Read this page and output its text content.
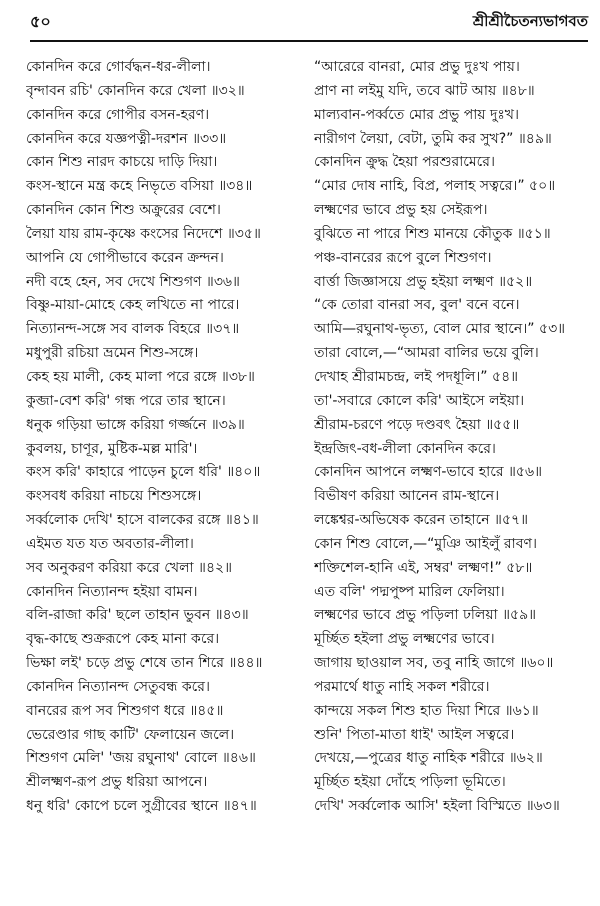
৫০	শ্রীশ্রীচৈতন্যভাগবত
কোনদিন করে গোর্বদ্ধন-ধর-লীলা।
বৃন্দাবন রচি' কোনদিন করে খেলা ॥৩২॥
কোনদিন করে গোপীর বসন-হরণ।
কোনদিন করে যজ্ঞপত্নী-দরশন ॥৩৩॥
কোন শিশু নারদ কাচয়ে দাড়ি দিয়া।
কংস-স্থানে মন্ত্র কহে নিভৃতে বসিয়া ॥৩৪॥
কোনদিন কোন শিশু অক্রুরের বেশে।
লৈয়া যায় রাম-কৃষ্ণে কংসের নিদেশে ॥৩৫॥
আপনি যে গোপীভাবে করেন ক্রন্দন।
নদী বহে হেন, সব দেখে শিশুগণ ॥৩৬॥
বিষ্ণু-মায়া-মোহে কেহ লখিতে না পারে।
নিত্যানন্দ-সঙ্গে সব বালক বিহরে ॥৩৭॥
মধুপুরী রচিয়া ভ্রমেন শিশু-সঙ্গে।
কেহ হয় মালী, কেহ মালা পরে রঙ্গে ॥৩৮॥
কুব্জা-বেশ করি' গন্ধ পরে তার স্থানে।
ধনুক গড়িয়া ভাঙ্গে করিয়া গর্জ্জনে ॥৩৯॥
কুবলয়, চাণূর, মুষ্টিক-মল্ল মারি'।
কংস করি' কাহারে পাড়েন চুলে ধরি' ॥৪০॥
কংসবধ করিয়া নাচয়ে শিশুসঙ্গে।
সর্ব্বলোক দেখি' হাসে বালকের রঙ্গে ॥৪১॥
এইমত যত যত অবতার-লীলা।
সব অনুকরণ করিয়া করে খেলা ॥৪২॥
কোনদিন নিত্যানন্দ হইয়া বামন।
বলি-রাজা করি' ছলে তাহান ভুবন ॥৪৩॥
বৃদ্ধ-কাছে শুক্ররূপে কেহ মানা করে।
ভিক্ষা লই' চড়ে প্রভু শেষে তান শিরে ॥৪৪॥
কোনদিন নিত্যানন্দ সেতুবন্ধ করে।
বানরের রূপ সব শিশুগণ ধরে ॥৪৫॥
ভেরেণ্ডার গাছ কাটি' ফেলায়েন জলে।
শিশুগণ মেলি' 'জয় রঘুনাথ' বোলে ॥৪৬॥
শ্রীলক্ষ্মণ-রূপ প্রভু ধরিয়া আপনে।
ধনু ধরি' কোপে চলে সুগ্রীবের স্থানে ॥৪৭॥
“আরেরে বানরা, মোর প্রভু দুঃখ পায়।
প্রাণ না লইমু যদি, তবে ঝাট আয় ॥৪৮॥
মাল্যবান-পর্ব্বতে মোর প্রভু পায় দুঃখ।
নারীগণ লৈয়া, বেটা, তুমি কর সুখ?” ॥৪৯॥
কোনদিন ক্রুদ্ধ হৈয়া পরশুরামেরে।
“মোর দোষ নাহি, বিপ্র, পলাহ সত্বরে।” ৫০॥
লক্ষ্মণের ভাবে প্রভু হয় সেইরূপ।
বুঝিতে না পারে শিশু মানয়ে কৌতুক ॥৫১॥
পঞ্চ-বানরের রূপে বুলে শিশুগণ।
বার্ত্তা জিজ্ঞাসয়ে প্রভু হইয়া লক্ষ্মণ ॥৫২॥
“কে তোরা বানরা সব, বুল' বনে বনে।
আমি—রঘুনাথ-ভৃত্য, বোল মোর স্থানে।” ৫৩॥
তারা বোলে,—“আমরা বালির ভয়ে বুলি।
দেখাহ শ্রীরামচন্দ্র, লই পদধূলি।” ৫৪॥
তা'-সবারে কোলে করি' আইসে লইয়া।
শ্রীরাম-চরণে পড়ে দণ্ডবৎ হৈয়া ॥৫৫॥
ইন্দ্রজিৎ-বধ-লীলা কোনদিন করে।
কোনদিন আপনে লক্ষ্মণ-ভাবে হারে ॥৫৬॥
বিভীষণ করিয়া আনেন রাম-স্থানে।
লঙ্কেশ্বর-অভিষেক করেন তাহানে ॥৫৭॥
কোন শিশু বোলে,—“মুঞি আইলুঁ রাবণ।
শক্তিশেল-হানি এই, সম্বর' লক্ষ্মণ!” ৫৮॥
এত বলি' পদ্মপুষ্প মারিল ফেলিয়া।
লক্ষ্মণের ভাবে প্রভু পড়িলা ঢলিয়া ॥৫৯॥
মূর্চ্ছিত হইলা প্রভু লক্ষ্মণের ভাবে।
জাগায় ছাওয়াল সব, তবু নাহি জাগে ॥৬০॥
পরমার্থে ধাতু নাহি সকল শরীরে।
কান্দয়ে সকল শিশু হাত দিয়া শিরে ॥৬১॥
শুনি' পিতা-মাতা ধাই' আইল সত্বরে।
দেখয়ে,—পুত্রের ধাতু নাহিক শরীরে ॥৬২॥
মূর্চ্ছিত হইয়া দোঁহে পড়িলা ভূমিতে।
দেখি' সর্ব্বলোক আসি' হইলা বিস্মিতে ॥৬৩॥
